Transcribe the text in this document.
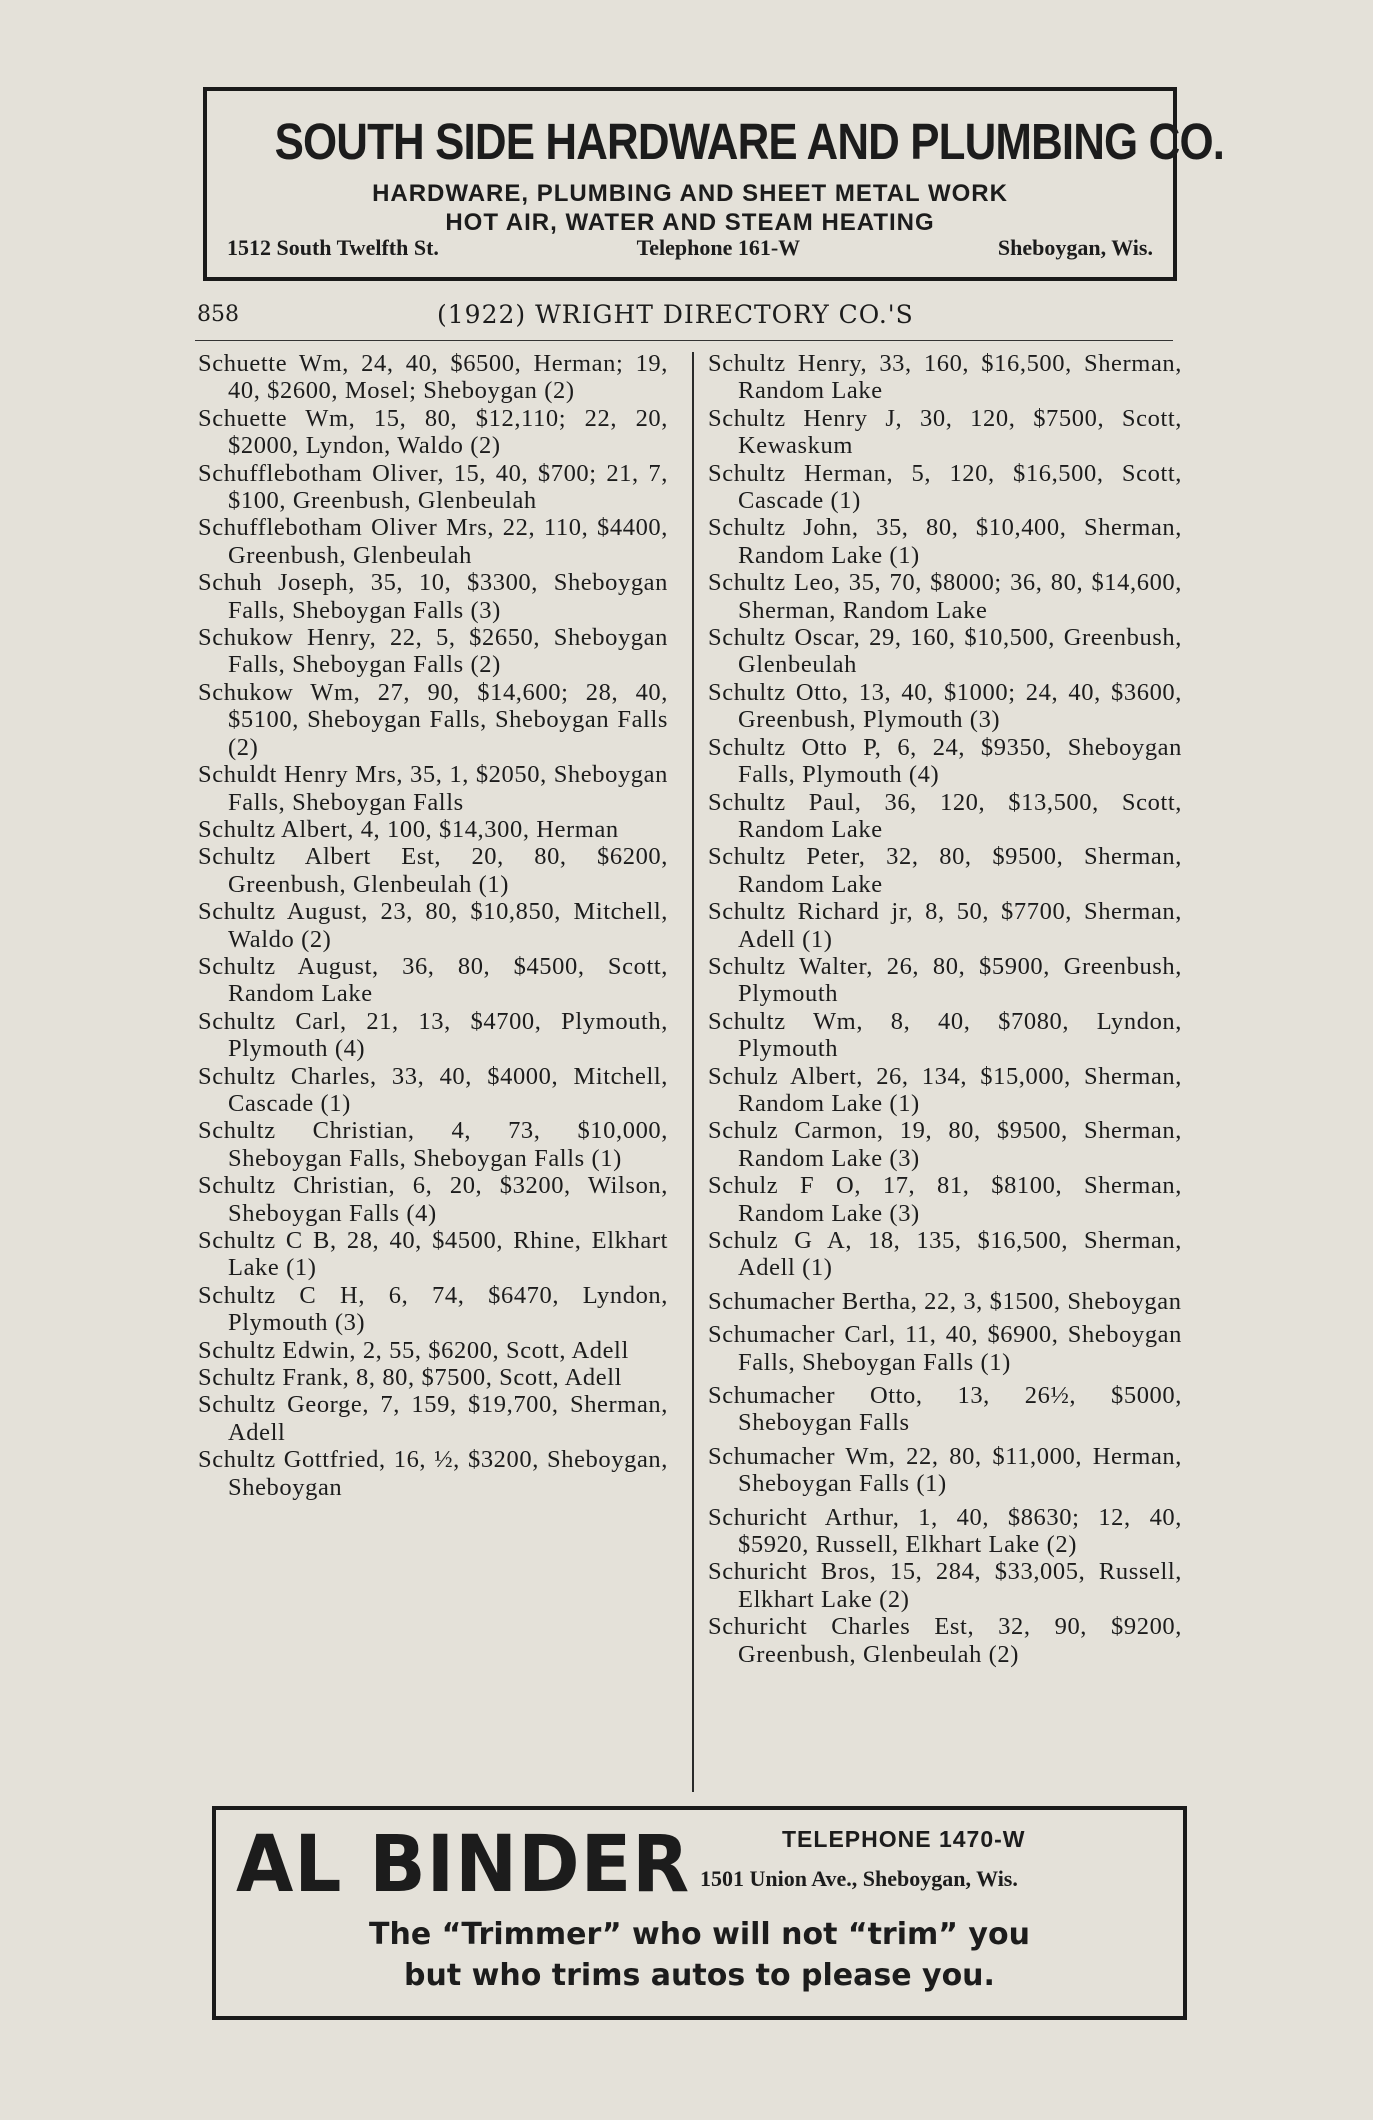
SOUTH SIDE HARDWARE AND PLUMBING CO.
HARDWARE, PLUMBING AND SHEET METAL WORK
HOT AIR, WATER AND STEAM HEATING
1512 South Twelfth St.	Telephone 161-W	Sheboygan, Wis.
858	(1922) WRIGHT DIRECTORY CO.'S

Schuette Wm, 24, 40, $6500, Herman; 19, 40, $2600, Mosel; Sheboygan (2)

Schuette Wm, 15, 80, $12,110; 22, 20, $2000, Lyndon, Waldo (2)

Schufflebotham Oliver, 15, 40, $700; 21, 7, $100, Greenbush, Glenbeulah

Schufflebotham Oliver Mrs, 22, 110, $4400, Greenbush, Glenbeulah

Schuh Joseph, 35, 10, $3300, Sheboygan Falls, Sheboygan Falls (3)

Schukow Henry, 22, 5, $2650, Sheboygan Falls, Sheboygan Falls (2)

Schukow Wm, 27, 90, $14,600; 28, 40, $5100, Sheboygan Falls, Sheboygan Falls (2)

Schuldt Henry Mrs, 35, 1, $2050, Sheboygan Falls, Sheboygan Falls

Schultz Albert, 4, 100, $14,300, Herman

Schultz Albert Est, 20, 80, $6200, Greenbush, Glenbeulah (1)

Schultz August, 23, 80, $10,850, Mitchell, Waldo (2)

Schultz August, 36, 80, $4500, Scott, Random Lake

Schultz Carl, 21, 13, $4700, Plymouth, Plymouth (4)

Schultz Charles, 33, 40, $4000, Mitchell, Cascade (1)

Schultz Christian, 4, 73, $10,000, Sheboygan Falls, Sheboygan Falls (1)

Schultz Christian, 6, 20, $3200, Wilson, Sheboygan Falls (4)

Schultz C B, 28, 40, $4500, Rhine, Elkhart Lake (1)

Schultz C H, 6, 74, $6470, Lyndon, Plymouth (3)

Schultz Edwin, 2, 55, $6200, Scott, Adell

Schultz Frank, 8, 80, $7500, Scott, Adell

Schultz George, 7, 159, $19,700, Sherman, Adell

Schultz Gottfried, 16, ½, $3200, Sheboygan, Sheboygan

Schultz Henry, 33, 160, $16,500, Sherman, Random Lake

Schultz Henry J, 30, 120, $7500, Scott, Kewaskum

Schultz Herman, 5, 120, $16,500, Scott, Cascade (1)

Schultz John, 35, 80, $10,400, Sherman, Random Lake (1)

Schultz Leo, 35, 70, $8000; 36, 80, $14,600, Sherman, Random Lake

Schultz Oscar, 29, 160, $10,500, Greenbush, Glenbeulah

Schultz Otto, 13, 40, $1000; 24, 40, $3600, Greenbush, Plymouth (3)

Schultz Otto P, 6, 24, $9350, Sheboygan Falls, Plymouth (4)

Schultz Paul, 36, 120, $13,500, Scott, Random Lake

Schultz Peter, 32, 80, $9500, Sherman, Random Lake

Schultz Richard jr, 8, 50, $7700, Sherman, Adell (1)

Schultz Walter, 26, 80, $5900, Greenbush, Plymouth

Schultz Wm, 8, 40, $7080, Lyndon, Plymouth

Schulz Albert, 26, 134, $15,000, Sherman, Random Lake (1)

Schulz Carmon, 19, 80, $9500, Sherman, Random Lake (3)

Schulz F O, 17, 81, $8100, Sherman, Random Lake (3)

Schulz G A, 18, 135, $16,500, Sherman, Adell (1)

Schumacher Bertha, 22, 3, $1500, Sheboygan

Schumacher Carl, 11, 40, $6900, Sheboygan Falls, Sheboygan Falls (1)

Schumacher Otto, 13, 26½, $5000, Sheboygan Falls

Schumacher Wm, 22, 80, $11,000, Herman, Sheboygan Falls (1)

Schuricht Arthur, 1, 40, $8630; 12, 40, $5920, Russell, Elkhart Lake (2)

Schuricht Bros, 15, 284, $33,005, Russell, Elkhart Lake (2)

Schuricht Charles Est, 32, 90, $9200, Greenbush, Glenbeulah (2)

AL BINDER	TELEPHONE 1470-W
1501 Union Ave., Sheboygan, Wis.
The “Trimmer” who will not “trim” you
but who trims autos to please you.
